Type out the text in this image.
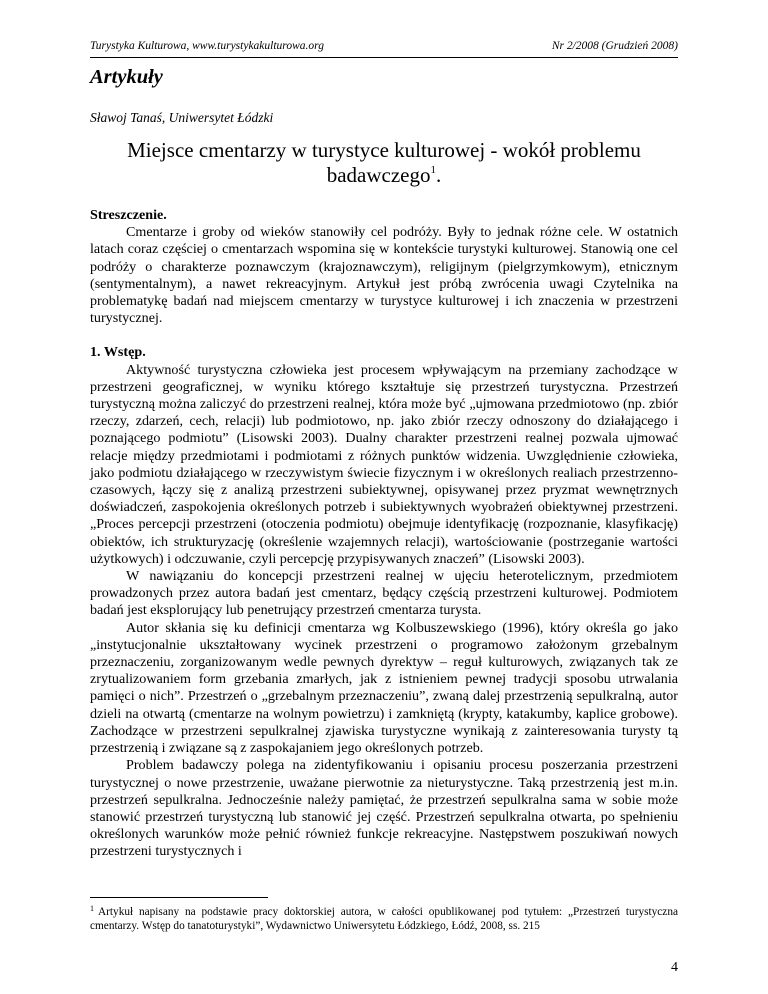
Turystyka Kulturowa, www.turystykakulturowa.org	Nr 2/2008 (Grudzień 2008)
Artykuły
Sławoj Tanaś, Uniwersytet Łódzki
Miejsce cmentarzy w turystyce kulturowej - wokół problemu badawczego$^1$.
Streszczenie.

Cmentarze i groby od wieków stanowiły cel podróży. Były to jednak różne cele. W ostatnich latach coraz częściej o cmentarzach wspomina się w kontekście turystyki kulturowej. Stanowią one cel podróży o charakterze poznawczym (krajoznawczym), religijnym (pielgrzymkowym), etnicznym (sentymentalnym), a nawet rekreacyjnym. Artykuł jest próbą zwrócenia uwagi Czytelnika na problematykę badań nad miejscem cmentarzy w turystyce kulturowej i ich znaczenia w przestrzeni turystycznej.

1. Wstęp.

Aktywność turystyczna człowieka jest procesem wpływającym na przemiany zachodzące w przestrzeni geograficznej, w wyniku którego kształtuje się przestrzeń turystyczna. Przestrzeń turystyczną można zaliczyć do przestrzeni realnej, która może być „ujmowana przedmiotowo (np. zbiór rzeczy, zdarzeń, cech, relacji) lub podmiotowo, np. jako zbiór rzeczy odnoszony do działającego i poznającego podmiotu” (Lisowski 2003). Dualny charakter przestrzeni realnej pozwala ujmować relacje między przedmiotami i podmiotami z różnych punktów widzenia. Uwzględnienie człowieka, jako podmiotu działającego w rzeczywistym świecie fizycznym i w określonych realiach przestrzenno-czasowych, łączy się z analizą przestrzeni subiektywnej, opisywanej przez pryzmat wewnętrznych doświadczeń, zaspokojenia określonych potrzeb i subiektywnych wyobrażeń obiektywnej przestrzeni. „Proces percepcji przestrzeni (otoczenia podmiotu) obejmuje identyfikację (rozpoznanie, klasyfikację) obiektów, ich strukturyzację (określenie wzajemnych relacji), wartościowanie (postrzeganie wartości użytkowych) i odczuwanie, czyli percepcję przypisywanych znaczeń” (Lisowski 2003).

W nawiązaniu do koncepcji przestrzeni realnej w ujęciu heterotelicznym, przedmiotem prowadzonych przez autora badań jest cmentarz, będący częścią przestrzeni kulturowej. Podmiotem badań jest eksplorujący lub penetrujący przestrzeń cmentarza turysta.

Autor skłania się ku definicji cmentarza wg Kolbuszewskiego (1996), który określa go jako „instytucjonalnie ukształtowany wycinek przestrzeni o programowo założonym grzebalnym przeznaczeniu, zorganizowanym wedle pewnych dyrektyw – reguł kulturowych, związanych tak ze zrytualizowaniem form grzebania zmarłych, jak z istnieniem pewnej tradycji sposobu utrwalania pamięci o nich”. Przestrzeń o „grzebalnym przeznaczeniu”, zwaną dalej przestrzenią sepulkralną, autor dzieli na otwartą (cmentarze na wolnym powietrzu) i zamkniętą (krypty, katakumby, kaplice grobowe). Zachodzące w przestrzeni sepulkralnej zjawiska turystyczne wynikają z zainteresowania turysty tą przestrzenią i związane są z zaspokajaniem jego określonych potrzeb.

Problem badawczy polega na zidentyfikowaniu i opisaniu procesu poszerzania przestrzeni turystycznej o nowe przestrzenie, uważane pierwotnie za nieturystyczne. Taką przestrzenią jest m.in. przestrzeń sepulkralna. Jednocześnie należy pamiętać, że przestrzeń sepulkralna sama w sobie może stanowić przestrzeń turystyczną lub stanowić jej część. Przestrzeń sepulkralna otwarta, po spełnieniu określonych warunków może pełnić również funkcje rekreacyjne. Następstwem poszukiwań nowych przestrzeni turystycznych i

$^1$ Artykuł napisany na podstawie pracy doktorskiej autora, w całości opublikowanej pod tytułem: „Przestrzeń turystyczna cmentarzy. Wstęp do tanatoturystyki”, Wydawnictwo Uniwersytetu Łódzkiego, Łódź, 2008, ss. 215
4
